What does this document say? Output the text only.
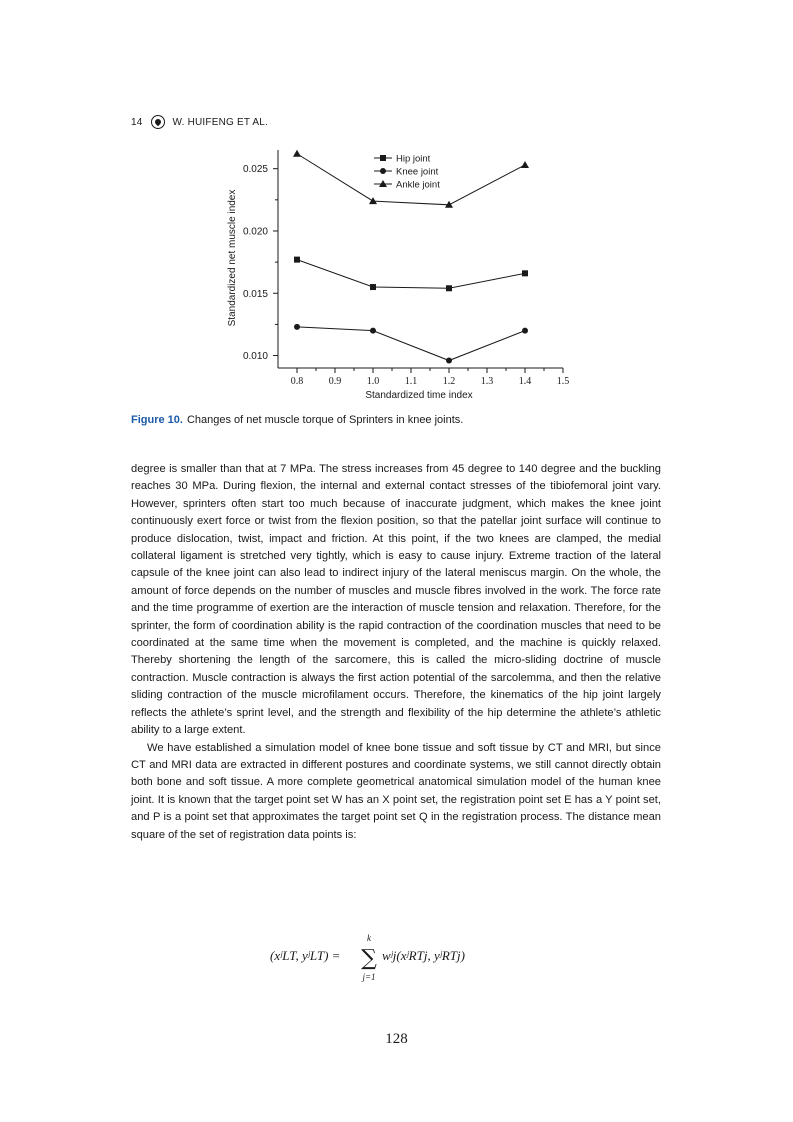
14	W. HUIFENG ET AL.
Standardized net muscle index
Standardized time index
0.8	0.9	1.0	1.1	1.2	1.3	1.4	1.5
0.010
0.015
0.020
0.025
Hip joint
Knee joint
Ankle joint
Figure 10. Changes of net muscle torque of Sprinters in knee joints.

degree is smaller than that at 7 MPa. The stress increases from 45 degree to 140 degree and the buckling reaches 30 MPa. During flexion, the internal and external contact stresses of the tibiofemoral joint vary. However, sprinters often start too much because of inaccurate judgment, which makes the knee joint continuously exert force or twist from the flexion position, so that the patellar joint surface will continue to produce dislocation, twist, impact and friction. At this point, if the two knees are clamped, the medial collateral ligament is stretched very tightly, which is easy to cause injury. Extreme traction of the lateral capsule of the knee joint can also lead to indirect injury of the lateral meniscus margin. On the whole, the amount of force depends on the number of muscles and muscle fibres involved in the work. The force rate and the time programme of exertion are the interaction of muscle tension and relaxation. Therefore, for the sprinter, the form of coordination ability is the rapid contraction of the coordination muscles that need to be coordinated at the same time when the movement is completed, and the machine is quickly relaxed. Thereby shortening the length of the sarcomere, this is called the micro-sliding doctrine of muscle contraction. Muscle contraction is always the first action potential of the sarcolemma, and then the relative sliding contraction of the muscle microfilament occurs. Therefore, the kinematics of the hip joint largely reflects the athlete’s sprint level, and the strength and flexibility of the hip determine the athlete’s athletic ability to a large extent.

We have established a simulation model of knee bone tissue and soft tissue by CT and MRI, but since CT and MRI data are extracted in different postures and coordinate systems, we still cannot directly obtain both bone and soft tissue. A more complete geometrical anatomical simulation model of the human knee joint. It is known that the target point set W has an X point set, the registration point set E has a Y point set, and P is a point set that approximates the target point set Q in the registration process. The distance mean square of the set of registration data points is:

(xʲLT, yʲLT) =
k
∑
j=1
wʲj(xʲRTj, yʲRTj)
128
